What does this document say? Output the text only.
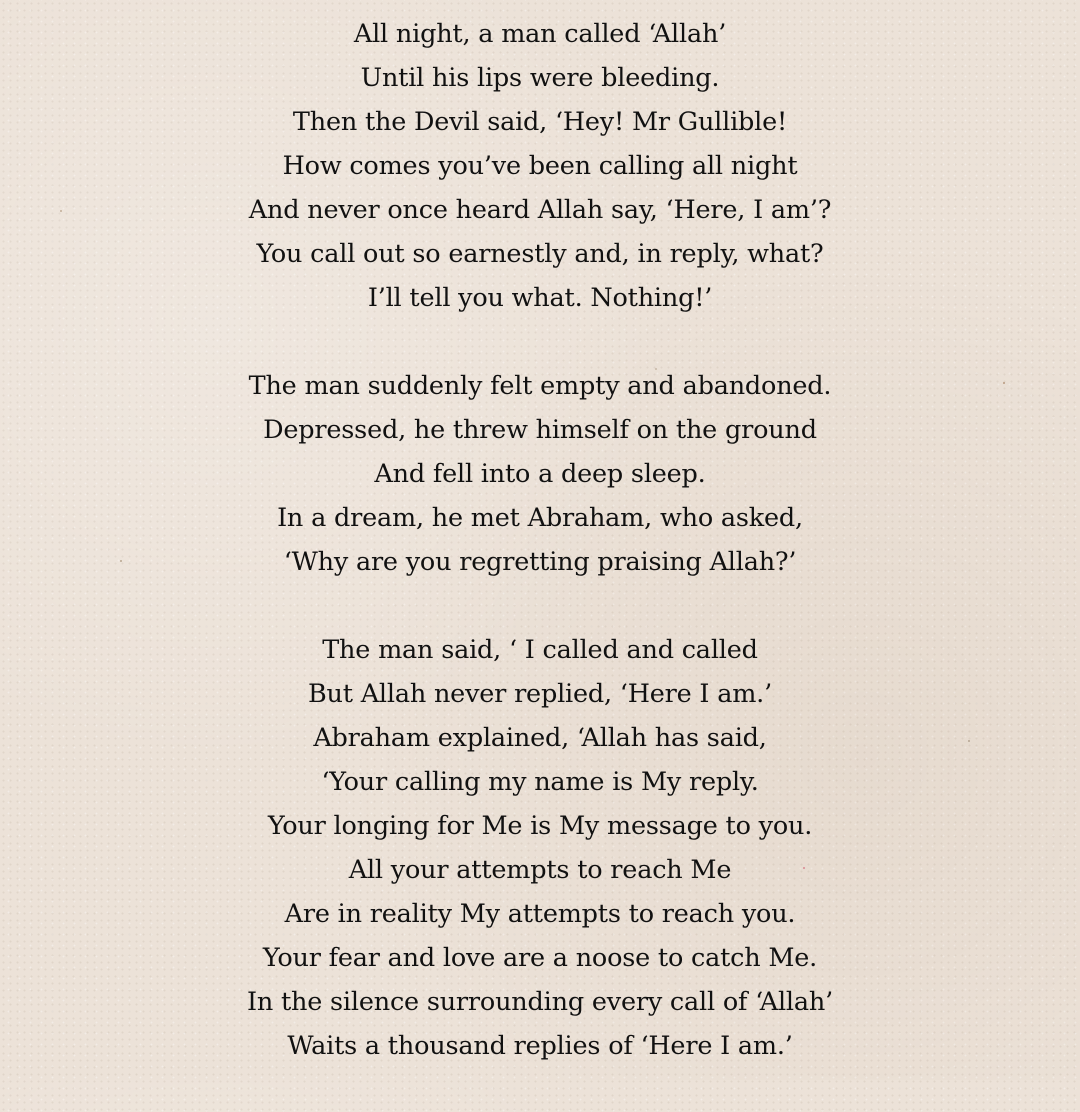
All night, a man called ‘Allah’
Until his lips were bleeding.
Then the Devil said, ‘Hey! Mr Gullible!
How comes you’ve been calling all night
And never once heard Allah say, ‘Here, I am’?
You call out so earnestly and, in reply, what?
I’ll tell you what. Nothing!’
The man suddenly felt empty and abandoned.
Depressed, he threw himself on the ground
And fell into a deep sleep.
In a dream, he met Abraham, who asked,
‘Why are you regretting praising Allah?’
The man said, ‘ I called and called
But Allah never replied, ‘Here I am.’
Abraham explained, ‘Allah has said,
‘Your calling my name is My reply.
Your longing for Me is My message to you.
All your attempts to reach Me
Are in reality My attempts to reach you.
Your fear and love are a noose to catch Me.
In the silence surrounding every call of ‘Allah’
Waits a thousand replies of ‘Here I am.’
